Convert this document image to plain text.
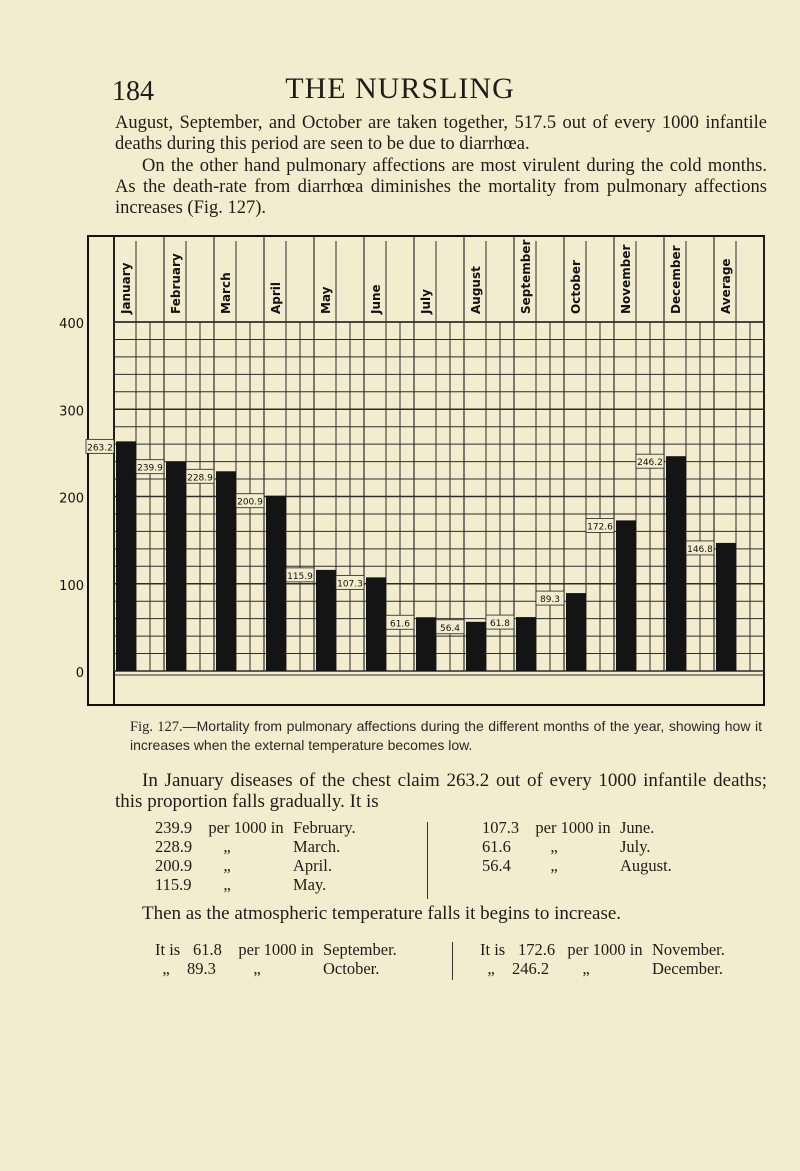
184	THE NURSLING

August, September, and October are taken together, 517.5 out of every 1000 infantile deaths during this period are seen to be due to diarrhœa.

On the other hand pulmonary affections are most virulent during the cold months. As the death-rate from diarrhœa diminishes the mortality from pulmonary affections increases (Fig. 127).

January	February	March	April	May	June	July	August	September	October	November	December	Average
400
300
200
100
0
263.2
239.9
228.9
200.9
115.9
107.3
61.6	56.4	61.8
89.3
172.6
246.2
146.8
Fig. 127.—Mortality from pulmonary affections during the different months of the year, showing how it increases when the external temperature becomes low.

In January diseases of the chest claim 263.2 out of every 1000 infantile deaths; this proportion falls gradually. It is

239.9 per 1000 in February.
228.9 „	March.
200.9 „	April.
115.9 „	May.
107.3 per 1000 in June.
61.6 „	July.
56.4 „	August.

Then as the atmospheric temperature falls it begins to increase.

It is 61.8 per 1000 in September.
„ 89.3 „	October.
It is 172.6 per 1000 in November.
„ 246.2 „	December.
